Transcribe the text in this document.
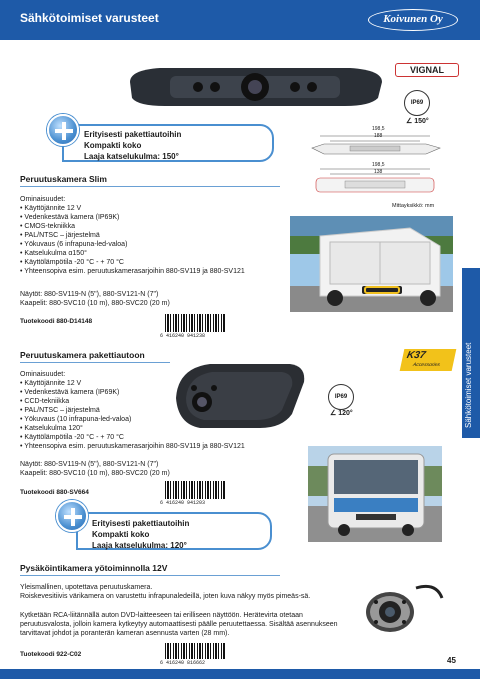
Sähkötoimiset varusteet	Koivunen Oy
VIGNAL
IP69
∠ 150°
Erityisesti pakettiautoihin
Kompakti koko
Laaja katselukulma: 150°
198,5
188
198,5
138
Mittayksikkö: mm
Peruutuskamera Slim
Ominaisuudet:
• Käyttöjännite 12 V
• Vedenkestävä kamera (IP69K)
• CMOS-tekniikka
• PAL/NTSC – järjestelmä
• Yökuvaus (6 infrapuna-led-valoa)
• Katselukulma α150°
• Käyttölämpötila -20 °C - + 70 °C
• Yhteensopiva esim. peruutuskamerasarjoihin 880-SV119 ja 880-SV121
Näytöt: 880-SV119-N (5"), 880-SV121-N (7")
Kaapelit: 880-SVC10 (10 m), 880-SVC20 (20 m)
Tuotekoodi 880-D14148
6 416240 941238
Peruutuskamera pakettiautoon
Ominaisuudet:
• Käyttöjännite 12 V
• Vedenkestävä kamera (IP69K)
• CCD-tekniikka
• PAL/NTSC – järjestelmä
• Yökuvaus (10 infrapuna-led-valoa)
• Katselukulma 120°
• Käyttölämpötila -20 °C - + 70 °C
• Yhteensopiva esim. peruutuskamerasarjoihin 880-SV119 ja 880-SV121
Näytöt: 880-SV119-N (5"), 880-SV121-N (7")
Kaapelit: 880-SVC10 (10 m), 880-SVC20 (20 m)
Tuotekoodi 880-SV664
6 416240 941203
K37
Accessories
IP69
∠ 120°
Erityisesti pakettiautoihin
Kompakti koko
Laaja katselukulma: 120°
Sähkötoimiset varusteet
Pysäköintikamera yötoiminnolla 12V
Yleismallinen, upotettava peruutuskamera.
Roiskevesitiivis värikamera on varustettu infrapunaledeillä, joten kuva näkyy myös pimeäs-sä.
Kytketään RCA-liitännällä auton DVD-laitteeseen tai erilliseen näyttöön. Herätevirta otetaan peruutusvalosta, jolloin kamera kytkeytyy automaattisesti päälle peruutettaessa. Sisältää asennukseen tarvittavat johdot ja poranterän kameran asennusta varten (28 mm).
Tuotekoodi 922-C02
6 416240 816662	45
